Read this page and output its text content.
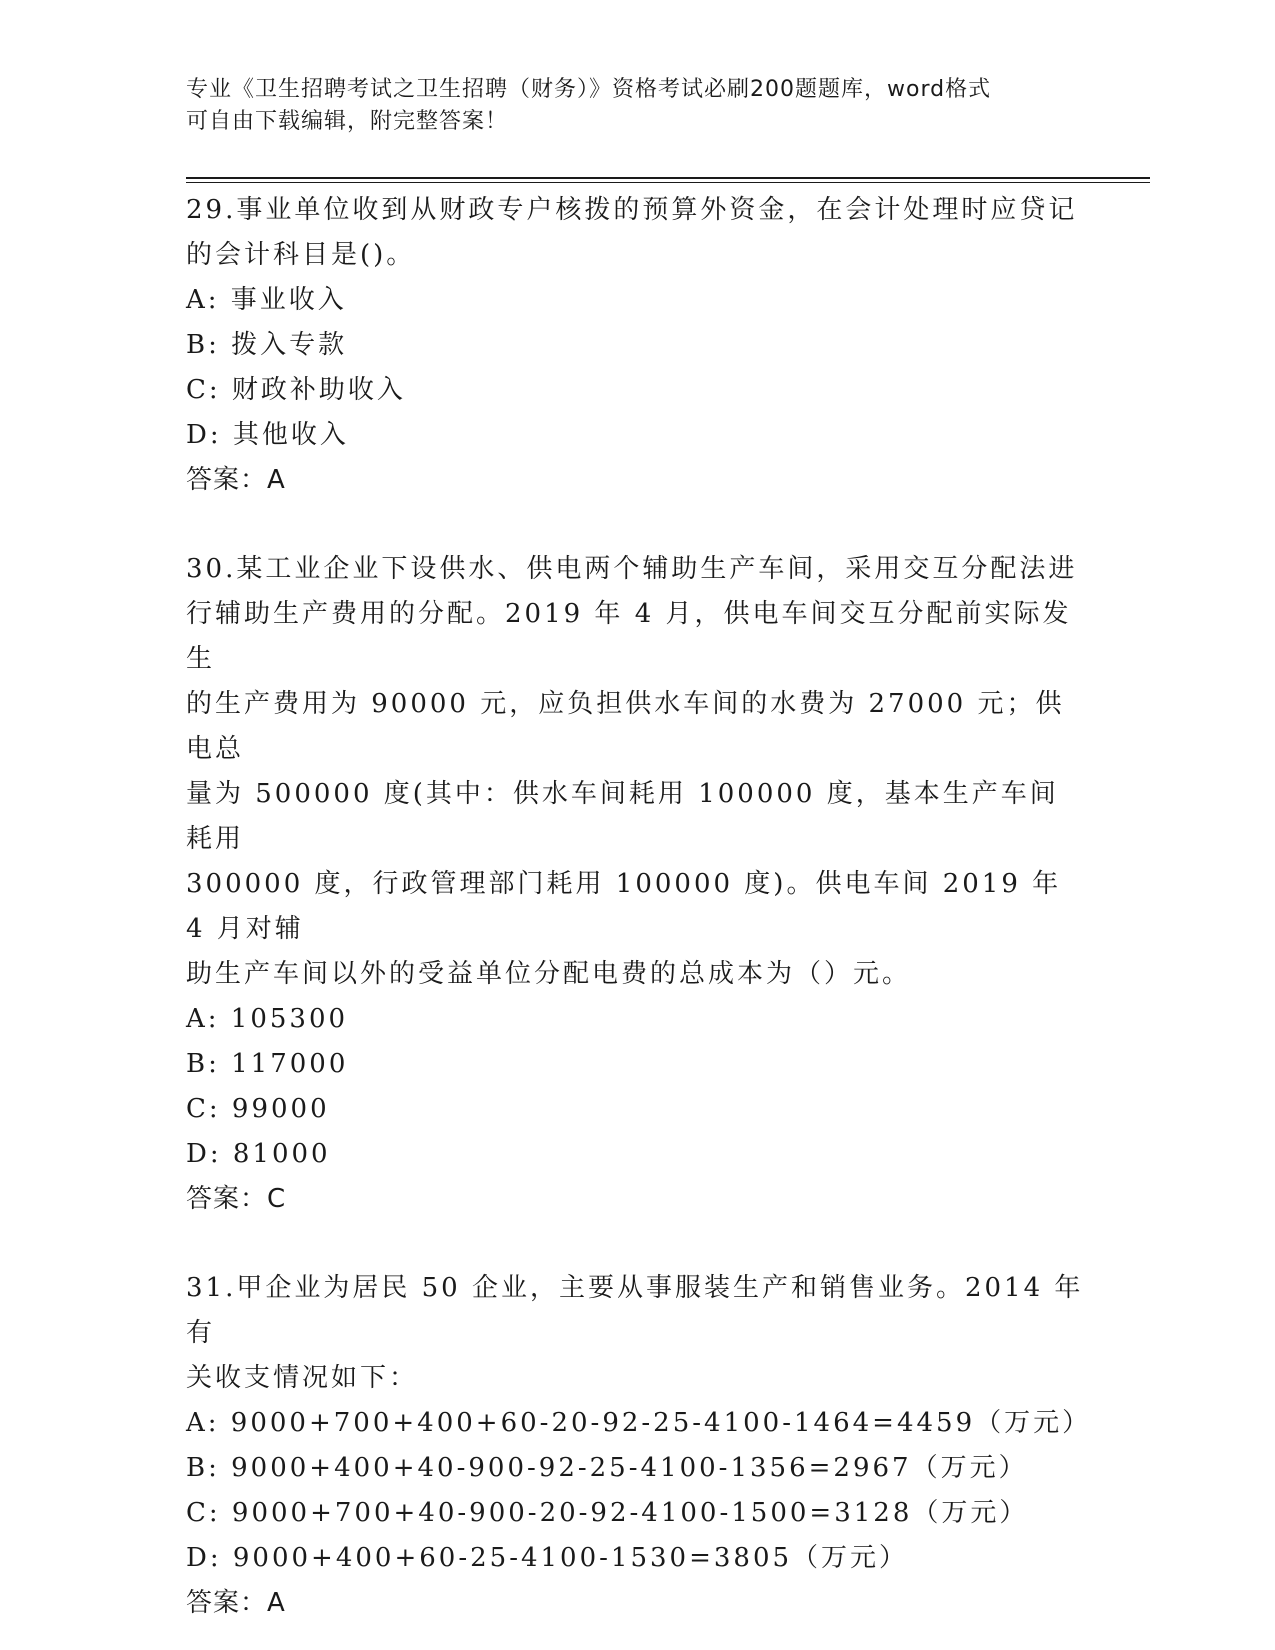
专业《卫生招聘考试之卫生招聘（财务）》资格考试必刷200题题库，word格式
可自由下载编辑，附完整答案！

29.事业单位收到从财政专户核拨的预算外资金，在会计处理时应贷记

的会计科目是()。

A: 事业收入

B: 拨入专款

C: 财政补助收入

D: 其他收入

答案：A

30.某工业企业下设供水、供电两个辅助生产车间，采用交互分配法进

行辅助生产费用的分配。2019 年 4 月，供电车间交互分配前实际发生

的生产费用为 90000 元，应负担供水车间的水费为 27000 元；供电总

量为 500000 度(其中：供水车间耗用 100000 度，基本生产车间耗用

300000 度，行政管理部门耗用 100000 度)。供电车间 2019 年 4 月对辅

助生产车间以外的受益单位分配电费的总成本为（）元。

A: 105300

B: 117000

C: 99000

D: 81000

答案：C

31.甲企业为居民 50 企业，主要从事服装生产和销售业务。2014 年有

关收支情况如下：

A: 9000+700+400+60-20-92-25-4100-1464=4459（万元）

B: 9000+400+40-900-92-25-4100-1356=2967（万元）

C: 9000+700+40-900-20-92-4100-1500=3128（万元）

D: 9000+400+60-25-4100-1530=3805（万元）

答案：A
